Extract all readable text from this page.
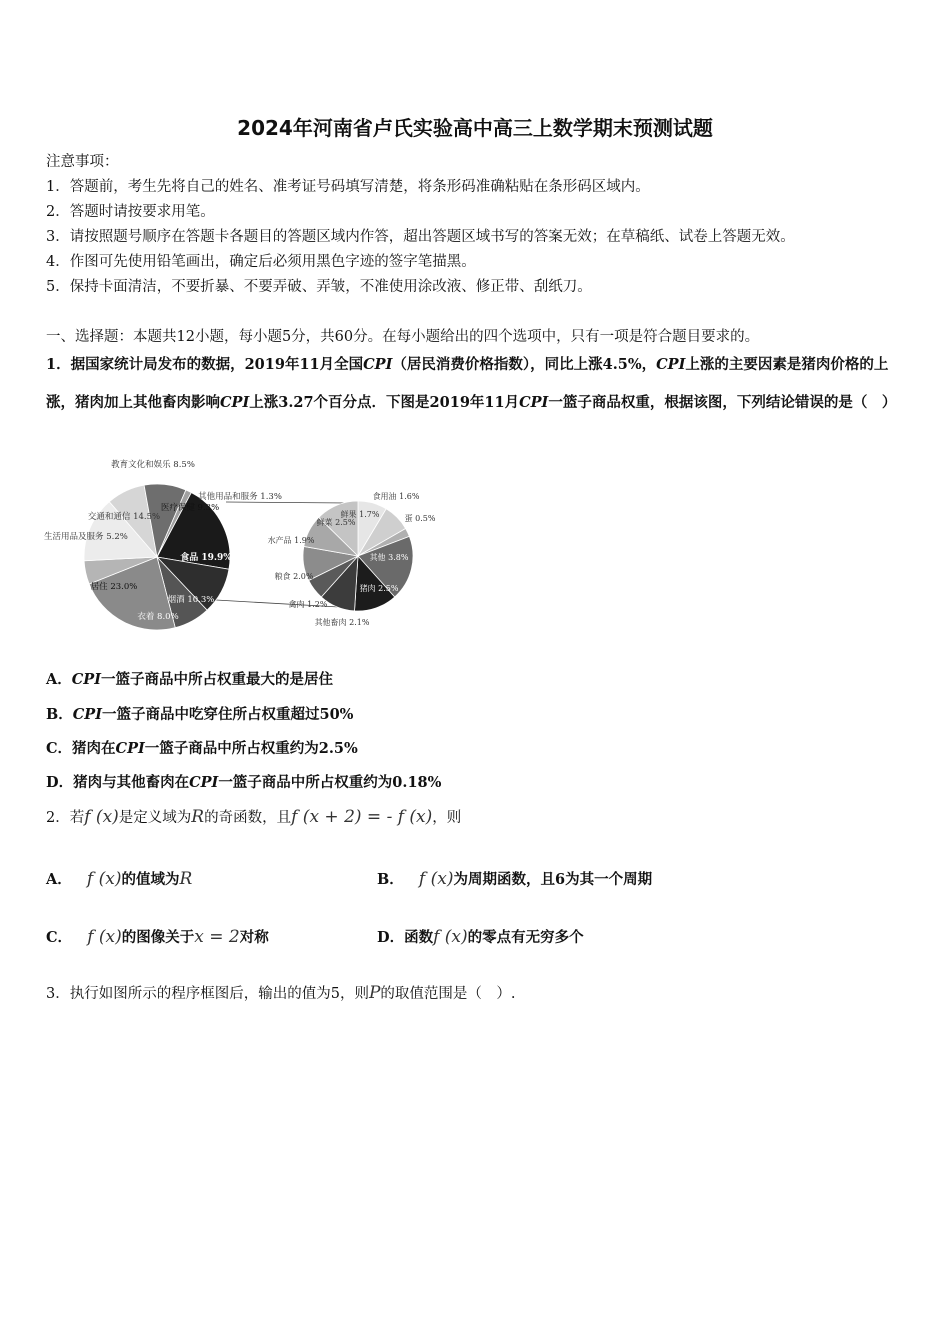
2024年河南省卢氏实验高中高三上数学期末预测试题
注意事项：
1．答题前，考生先将自己的姓名、准考证号码填写清楚，将条形码准确粘贴在条形码区域内。
2．答题时请按要求用笔。
3．请按照题号顺序在答题卡各题目的答题区域内作答，超出答题区域书写的答案无效；在草稿纸、试卷上答题无效。
4．作图可先使用铅笔画出，确定后必须用黑色字迹的签字笔描黑。
5．保持卡面清洁，不要折暴、不要弄破、弄皱，不准使用涂改液、修正带、刮纸刀。
一、选择题：本题共12小题，每小题5分，共60分。在每小题给出的四个选项中，只有一项是符合题目要求的。
1．据国家统计局发布的数据，2019年11月全国CPI（居民消费价格指数），同比上涨4.5%，CPI上涨的主要因素是猪肉价格的上涨，猪肉加上其他畜肉影响CPI上涨3.27个百分点．下图是2019年11月CPI一篮子商品权重，根据该图，下列结论错误的是（　）
教育文化和娱乐 8.5%
交通和通信 14.5%
生活用品及服务 5.2%
居住 23.0%
衣着 8.0%
烟酒 10.3%
食品 19.9%
医疗保健 9.3%
其他用品和服务 1.3%
鲜果 1.7%
食用油 1.6%
蛋 0.5%
其他 3.8%
猪肉 2.5%
其他畜肉 2.1%
禽肉 1.2%
粮食 2.0%
水产品 1.9%
鲜菜 2.5%
A．CPI一篮子商品中所占权重最大的是居住
B．CPI一篮子商品中吃穿住所占权重超过50%
C．猪肉在CPI一篮子商品中所占权重约为2.5%
D．猪肉与其他畜肉在CPI一篮子商品中所占权重约为0.18%
2．若f (x)是定义域为R的奇函数，且f (x + 2) = - f (x)，则
A． f (x)的值域为R	B． f (x)为周期函数，且6为其一个周期
C． f (x)的图像关于x = 2对称	D．函数f (x)的零点有无穷多个
3．执行如图所示的程序框图后，输出的值为5，则P的取值范围是（　）.
